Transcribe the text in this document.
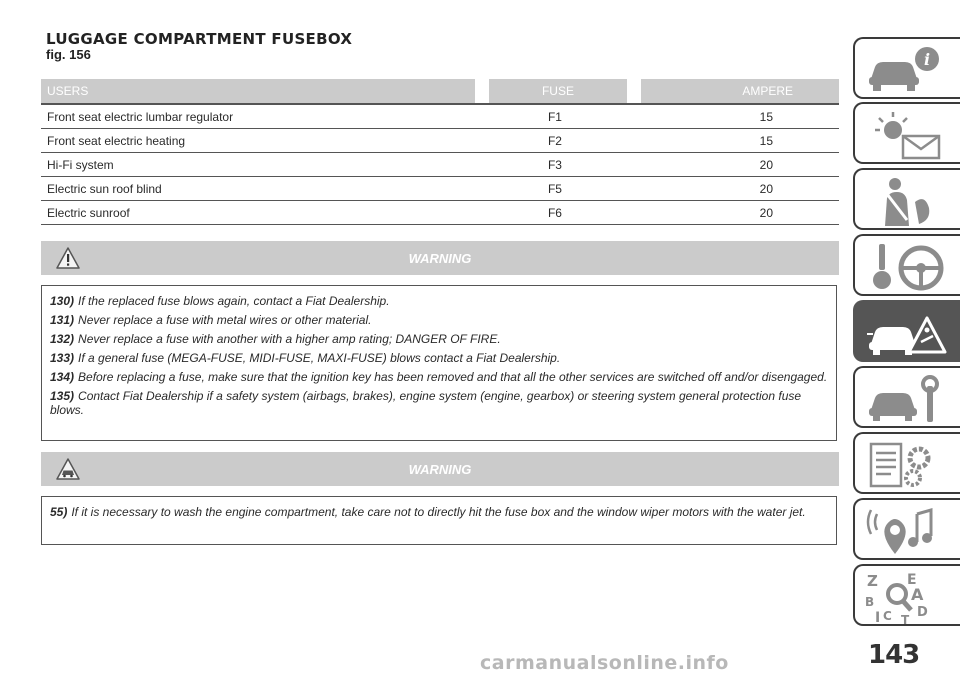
LUGGAGE COMPARTMENT FUSEBOX
fig. 156
USERS		FUSE		AMPERE
Front seat electric lumbar regulator		F1		15
Front seat electric heating		F2		15
Hi-Fi system		F3		20
Electric sun roof blind		F5		20
Electric sunroof		F6		20
WARNING

130) If the replaced fuse blows again, contact a Fiat Dealership.

131) Never replace a fuse with metal wires or other material.

132) Never replace a fuse with another with a higher amp rating; DANGER OF FIRE.

133) If a general fuse (MEGA-FUSE, MIDI-FUSE, MAXI-FUSE) blows contact a Fiat Dealership.

134) Before replacing a fuse, make sure that the ignition key has been removed and that all the other services are switched off and/or disengaged.

135) Contact Fiat Dealership if a safety system (airbags, brakes), engine system (engine, gearbox) or steering system general protection fuse blows.

WARNING

55) If it is necessary to wash the engine compartment, take care not to directly hit the fuse box and the window wiper motors with the water jet.

i
Z E
B A
D
C T
I
143
carmanualsonline.info
